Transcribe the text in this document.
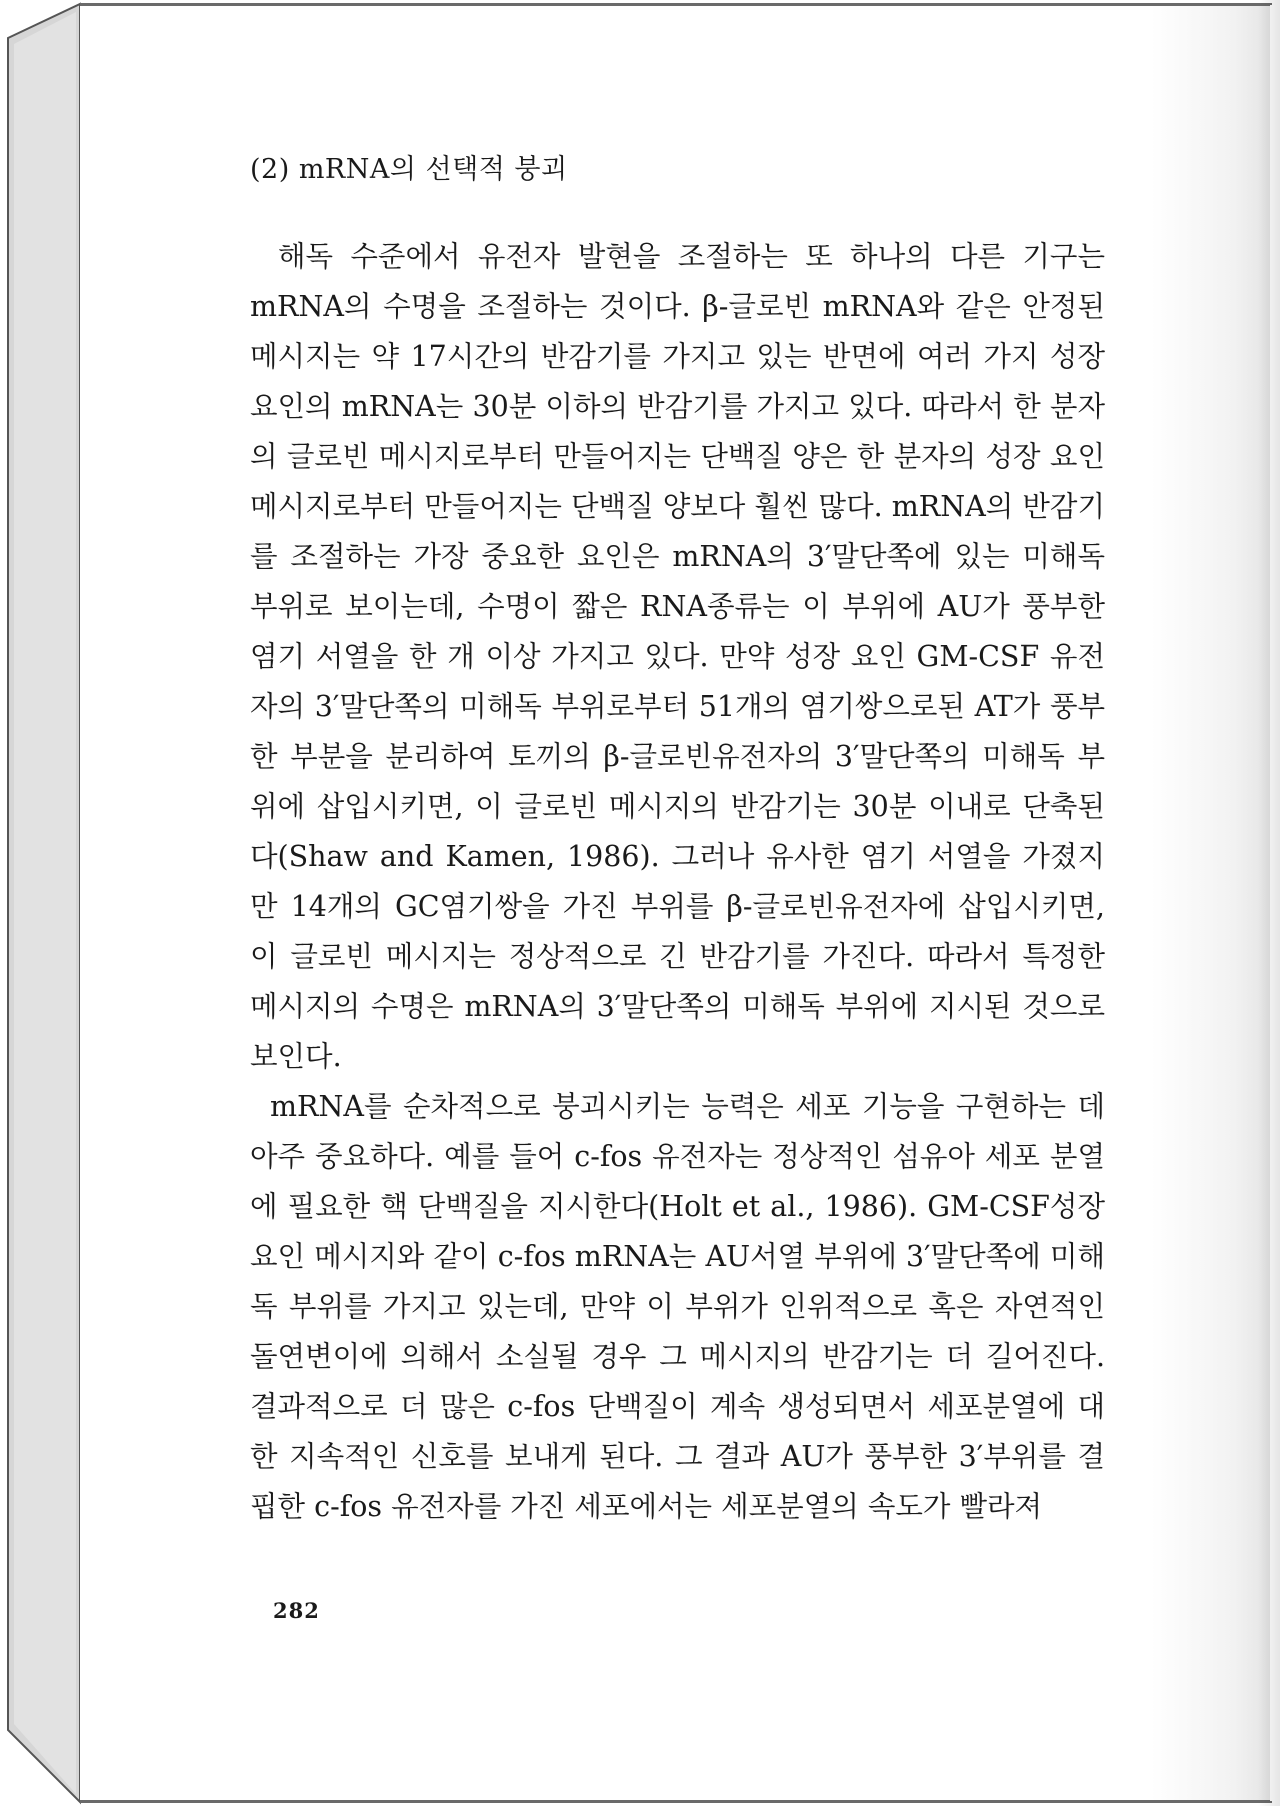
(2) mRNA의 선택적 붕괴

해독 수준에서 유전자 발현을 조절하는 또 하나의 다른 기구는 mRNA의 수명을 조절하는 것이다. β-글로빈 mRNA와 같은 안정된 메시지는 약 17시간의 반감기를 가지고 있는 반면에 여러 가지 성장 요인의 mRNA는 30분 이하의 반감기를 가지고 있다. 따라서 한 분자의 글로빈 메시지로부터 만들어지는 단백질 양은 한 분자의 성장 요인 메시지로부터 만들어지는 단백질 양보다 훨씬 많다. mRNA의 반감기를 조절하는 가장 중요한 요인은 mRNA의 3′말단쪽에 있는 미해독 부위로 보이는데, 수명이 짧은 RNA종류는 이 부위에 AU가 풍부한 염기 서열을 한 개 이상 가지고 있다. 만약 성장 요인 GM-CSF 유전자의 3′말단쪽의 미해독 부위로부터 51개의 염기쌍으로된 AT가 풍부한 부분을 분리하여 토끼의 β-글로빈유전자의 3′말단쪽의 미해독 부위에 삽입시키면, 이 글로빈 메시지의 반감기는 30분 이내로 단축된다(Shaw and Kamen, 1986). 그러나 유사한 염기 서열을 가졌지만 14개의 GC염기쌍을 가진 부위를 β-글로빈유전자에 삽입시키면, 이 글로빈 메시지는 정상적으로 긴 반감기를 가진다. 따라서 특정한 메시지의 수명은 mRNA의 3′말단쪽의 미해독 부위에 지시된 것으로 보인다.

mRNA를 순차적으로 붕괴시키는 능력은 세포 기능을 구현하는 데 아주 중요하다. 예를 들어 c-fos 유전자는 정상적인 섬유아 세포 분열에 필요한 핵 단백질을 지시한다(Holt et al., 1986). GM-CSF성장 요인 메시지와 같이 c-fos mRNA는 AU서열 부위에 3′말단쪽에 미해독 부위를 가지고 있는데, 만약 이 부위가 인위적으로 혹은 자연적인 돌연변이에 의해서 소실될 경우 그 메시지의 반감기는 더 길어진다. 결과적으로 더 많은 c-fos 단백질이 계속 생성되면서 세포분열에 대한 지속적인 신호를 보내게 된다. 그 결과 AU가 풍부한 3′부위를 결핍한 c-fos 유전자를 가진 세포에서는 세포분열의 속도가 빨라져

282
